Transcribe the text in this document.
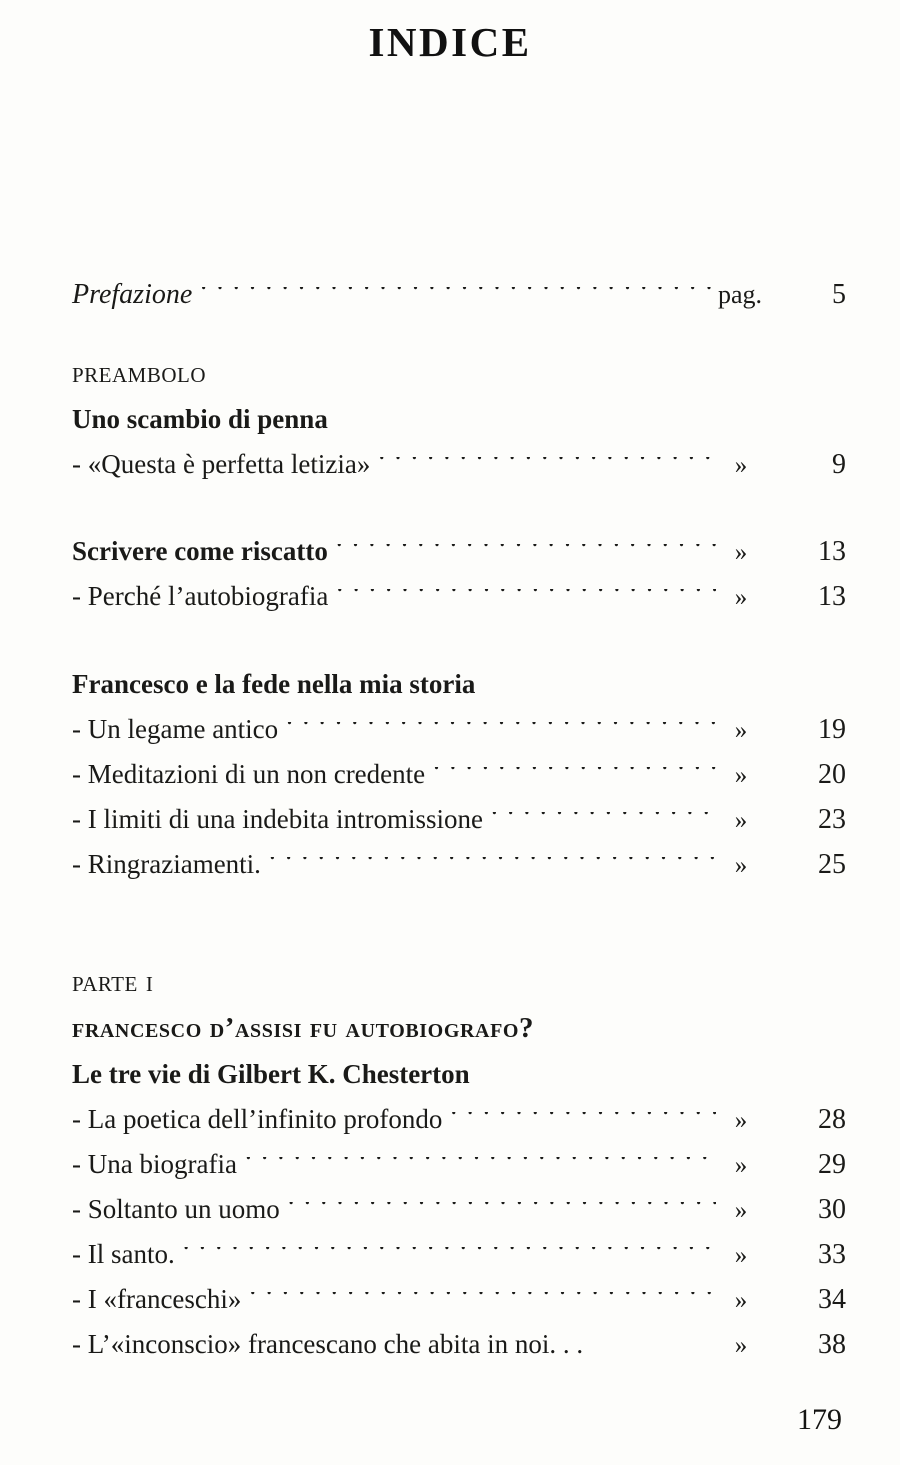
INDICE
Prefazione . . .	pag.	5
preambolo
Uno scambio di penna
- «Questa è perfetta letizia» . . .	»	9
Scrivere come riscatto . . .	»	13
- Perché l’autobiografia . . .	»	13
Francesco e la fede nella mia storia
- Un legame antico . . .	»	19
- Meditazioni di un non credente . . .	»	20
- I limiti di una indebita intromissione . . .	»	23
- Ringraziamenti. . . .	»	25
parte i
francesco d’assisi fu autobiografo?
Le tre vie di Gilbert K. Chesterton
- La poetica dell’infinito profondo . . .	»	28
- Una biografia . . .	»	29
- Soltanto un uomo . . .	»	30
- Il santo. . . .	»	33
- I «franceschi» . . .	»	34
- L’«inconscio» francescano che abita in noi. . .	»	38
179
